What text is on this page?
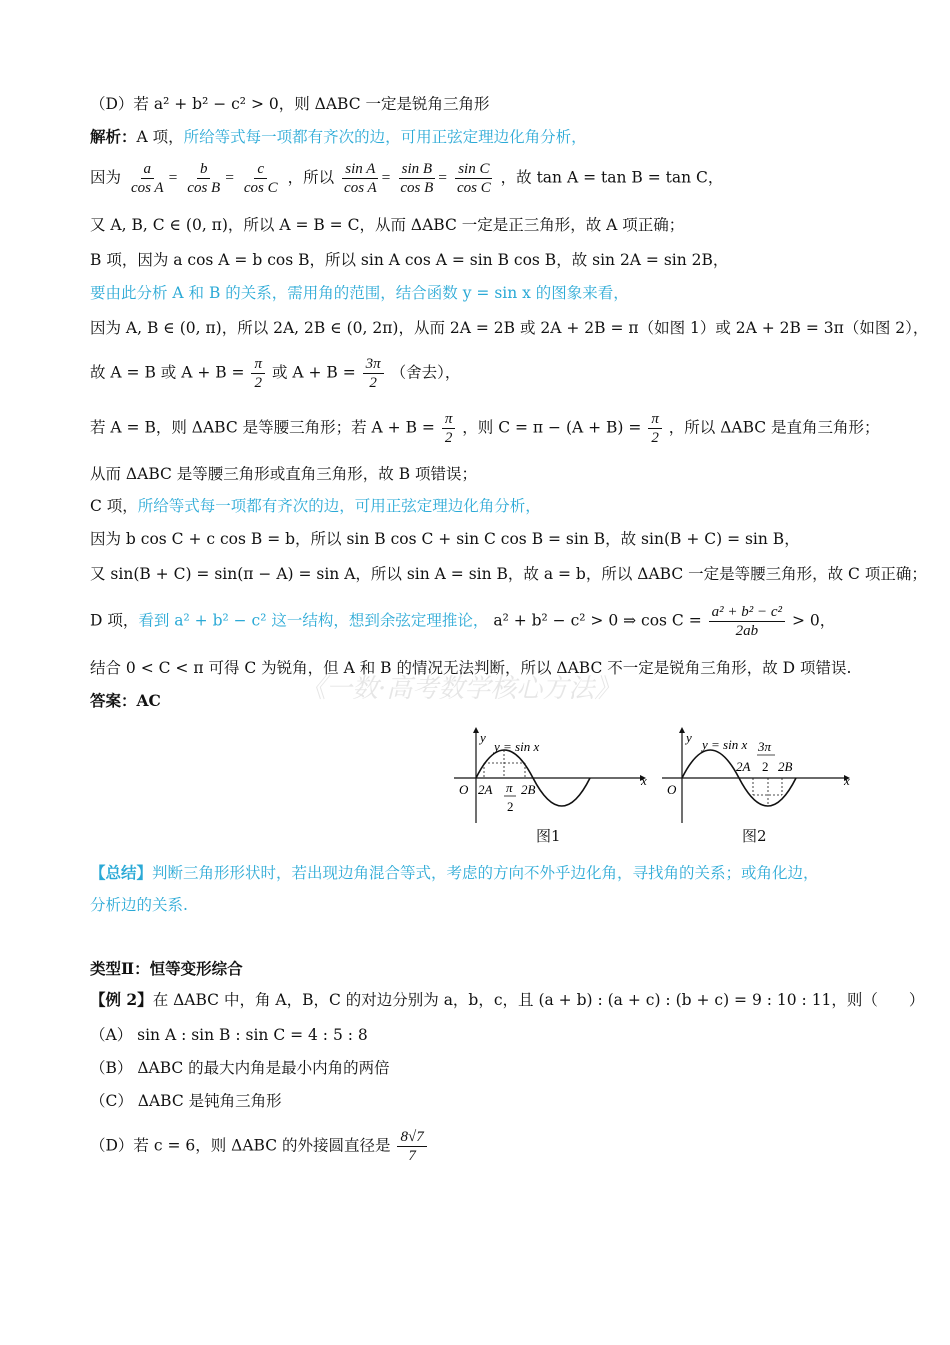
《一数·高考数学核心方法》
（D）若 a² + b² − c² > 0，则 ΔABC 一定是锐角三角形
解析：A 项，所给等式每一项都有齐次的边，可用正弦定理边化角分析，
因为 $\frac{a}{\text{cos A}} = \frac{b}{\text{cos B}} = \frac{c}{\text{cos C}}$ ，所以 $\frac{\text{sin A}}{\text{cos A}} = \frac{\text{sin B}}{\text{cos B}} = \frac{\text{sin C}}{\text{cos C}}$ ，故 tan A = tan B = tan C，
又 A, B, C ∈ (0, π)，所以 A = B = C，从而 ΔABC 一定是正三角形，故 A 项正确；
B 项，因为 a cos A = b cos B，所以 sin A cos A = sin B cos B，故 sin 2A = sin 2B，
要由此分析 A 和 B 的关系，需用角的范围，结合函数 y = sin x 的图象来看，
因为 A, B ∈ (0, π)，所以 2A, 2B ∈ (0, 2π)，从而 2A = 2B 或 2A + 2B = π（如图 1）或 2A + 2B = 3π（如图 2），
故 A = B 或 $A + B = \frac{\pi}{2}$ 或 $A + B = \frac{3\pi}{2}$ （舍去），
若 A = B，则 ΔABC 是等腰三角形；若 $A + B = \frac{\pi}{2}$ ，则 $C = \pi - (A + B) = \frac{\pi}{2}$ ，所以 ΔABC 是直角三角形；
从而 ΔABC 是等腰三角形或直角三角形，故 B 项错误；
C 项，所给等式每一项都有齐次的边，可用正弦定理边化角分析，
因为 b cos C + c cos B = b，所以 sin B cos C + sin C cos B = sin B，故 sin(B + C) = sin B，
又 sin(B + C) = sin(π − A) = sin A，所以 sin A = sin B，故 a = b，所以 ΔABC 一定是等腰三角形，故 C 项正确；
D 项，看到 a² + b² − c² 这一结构，想到余弦定理推论， a² + b² − c² > 0 ⇒ $\cos C = \frac{\text{a² + b² − c²}}{2ab} > 0$，
结合 0 < C < π 可得 C 为锐角，但 A 和 B 的情况无法判断，所以 ΔABC 不一定是锐角三角形，故 D 项错误.
答案：AC
y
x
O
y = sin x
2A π
2
2B
图1
y
x
O
y = sin x 3π
2
2A 2B
图2
【总结】判断三角形形状时，若出现边角混合等式，考虑的方向不外乎边化角，寻找角的关系；或角化边，
分析边的关系.
类型Ⅱ：恒等变形综合
【例 2】在 ΔABC 中，角 A，B，C 的对边分别为 a，b，c，且 (a + b) : (a + c) : (b + c) = 9 : 10 : 11，则（　　）
（A） sin A : sin B : sin C = 4 : 5 : 8
（B） ΔABC 的最大内角是最小内角的两倍
（C） ΔABC 是钝角三角形
（D）若 c = 6，则 ΔABC 的外接圆直径是 $\frac{8√7}{7}$
